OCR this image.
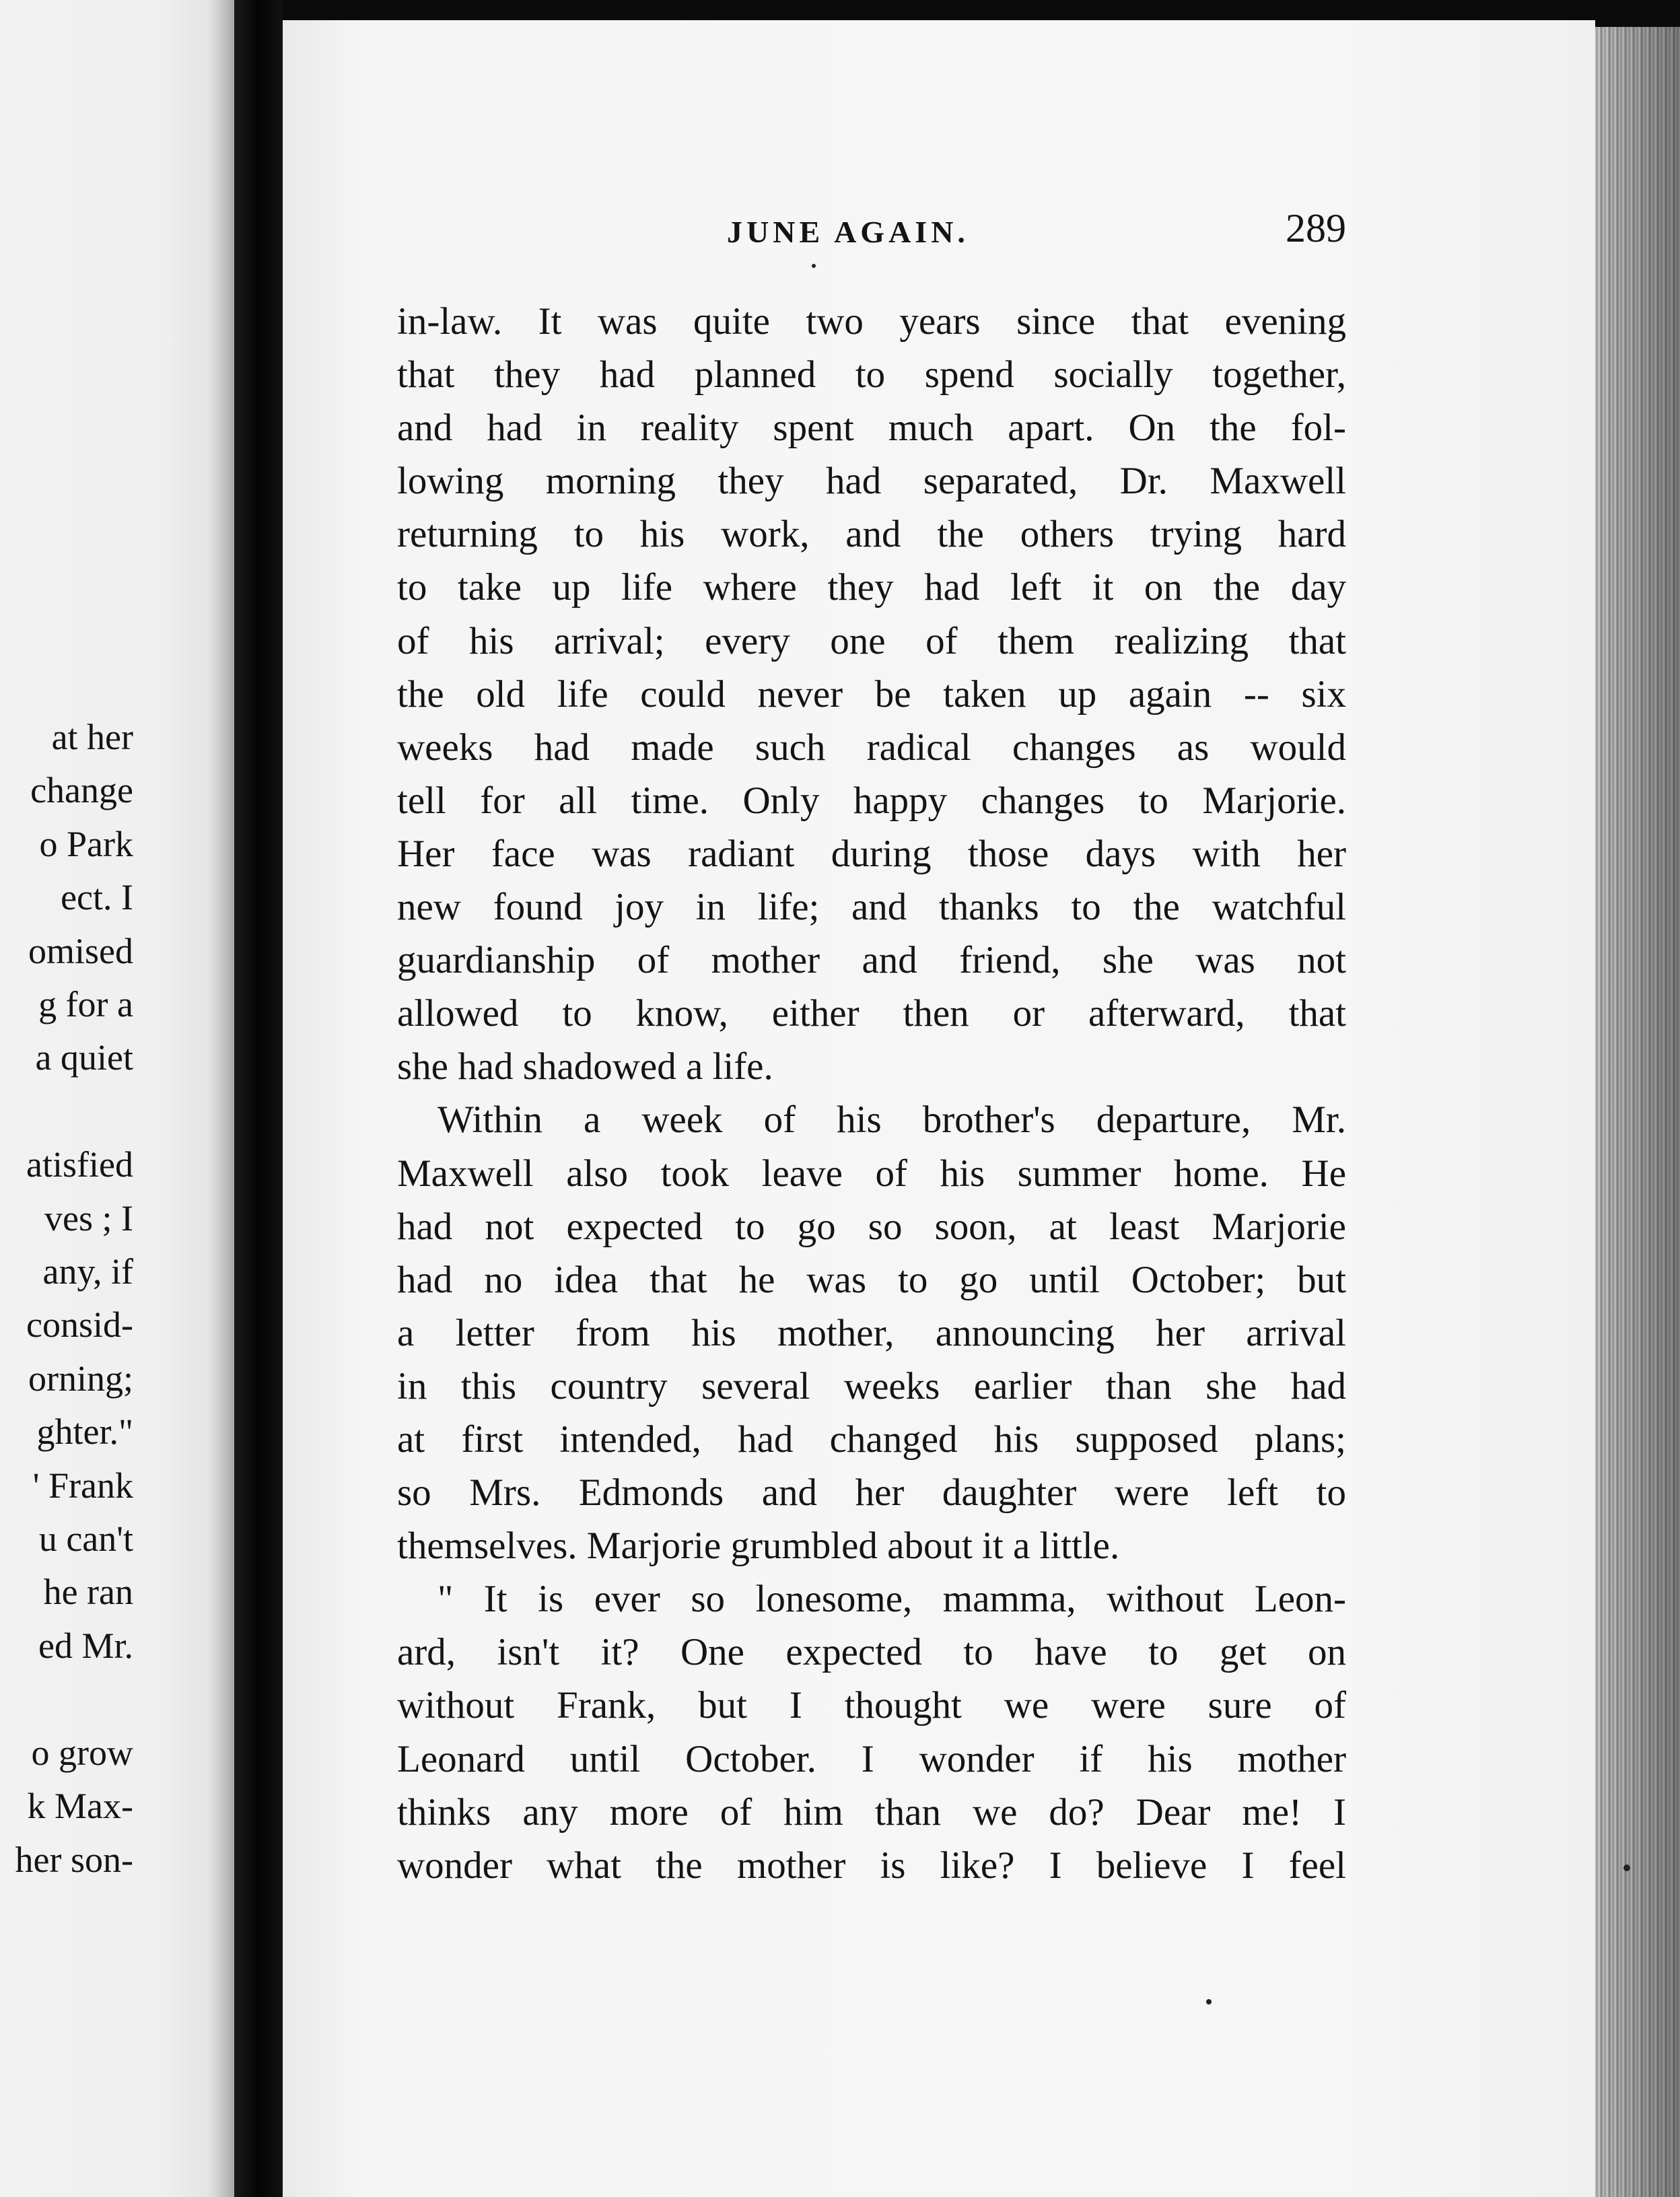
at her
change
o Park
ect. I
omised
g for a
a quiet
atisfied
ves ; I
any, if
consid-
orning;
ghter."
' Frank
u can't
he ran
ed Mr.
o grow
k Max-
her son-
JUNE AGAIN.	289
in-law. It was quite two years since that evening
that they had planned to spend socially together,
and had in reality spent much apart. On the fol-
lowing morning they had separated, Dr. Maxwell
returning to his work, and the others trying hard
to take up life where they had left it on the day
of his arrival; every one of them realizing that
the old life could never be taken up again -- six
weeks had made such radical changes as would
tell for all time. Only happy changes to Marjorie.
Her face was radiant during those days with her
new found joy in life; and thanks to the watchful
guardianship of mother and friend, she was not
allowed to know, either then or afterward, that
she had shadowed a life.
Within a week of his brother's departure, Mr.
Maxwell also took leave of his summer home. He
had not expected to go so soon, at least Marjorie
had no idea that he was to go until October; but
a letter from his mother, announcing her arrival
in this country several weeks earlier than she had
at first intended, had changed his supposed plans;
so Mrs. Edmonds and her daughter were left to
themselves. Marjorie grumbled about it a little.
" It is ever so lonesome, mamma, without Leon-
ard, isn't it? One expected to have to get on
without Frank, but I thought we were sure of
Leonard until October. I wonder if his mother
thinks any more of him than we do? Dear me! I
wonder what the mother is like? I believe I feel
